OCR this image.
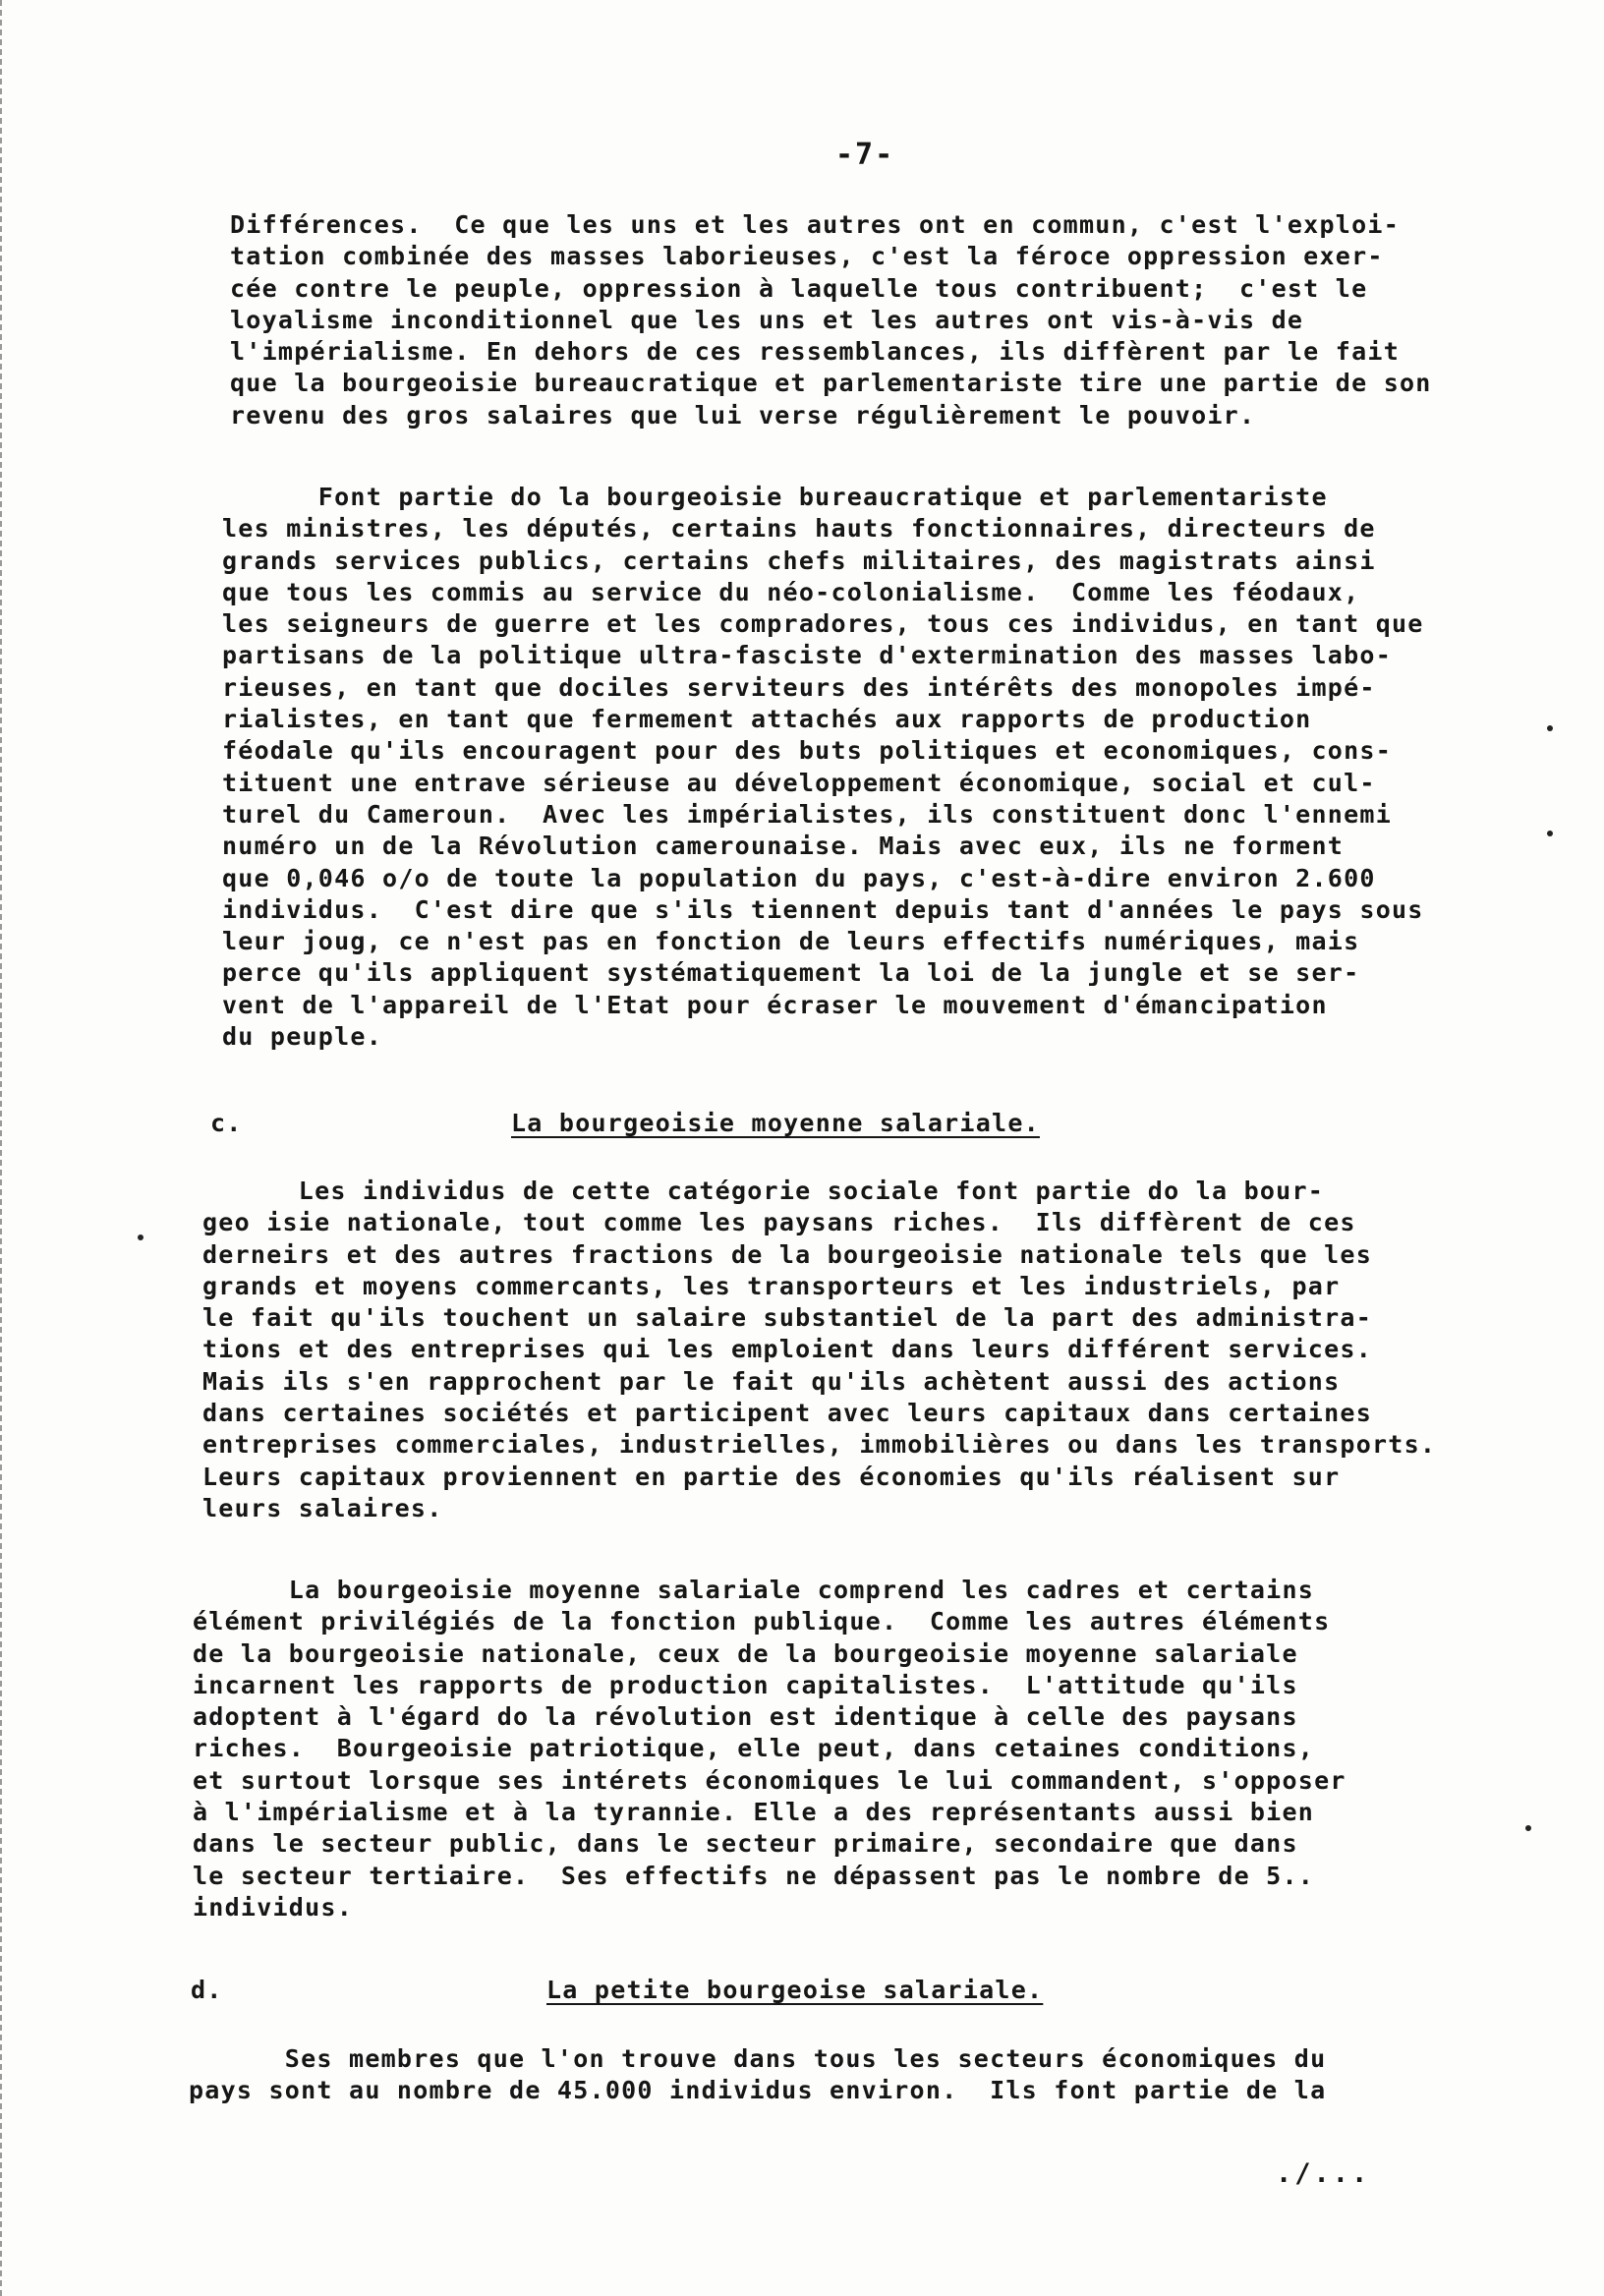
-7-
Différences.  Ce que les uns et les autres ont en commun, c'est l'exploi-
tation combinée des masses laborieuses, c'est la féroce oppression exer-
cée contre le peuple, oppression à laquelle tous contribuent;  c'est le
loyalisme inconditionnel que les uns et les autres ont vis-à-vis de
l'impérialisme. En dehors de ces ressemblances, ils diffèrent par le fait
que la bourgeoisie bureaucratique et parlementariste tire une partie de son
revenu des gros salaires que lui verse régulièrement le pouvoir.
Font partie do la bourgeoisie bureaucratique et parlementariste
les ministres, les députés, certains hauts fonctionnaires, directeurs de
grands services publics, certains chefs militaires, des magistrats ainsi
que tous les commis au service du néo-colonialisme.  Comme les féodaux,
les seigneurs de guerre et les compradores, tous ces individus, en tant que
partisans de la politique ultra-fasciste d'extermination des masses labo-
rieuses, en tant que dociles serviteurs des intérêts des monopoles impé-
rialistes, en tant que fermement attachés aux rapports de production
féodale qu'ils encouragent pour des buts politiques et economiques, cons-
tituent une entrave sérieuse au développement économique, social et cul-
turel du Cameroun.  Avec les impérialistes, ils constituent donc l'ennemi
numéro un de la Révolution camerounaise. Mais avec eux, ils ne forment
que 0,046 o/o de toute la population du pays, c'est-à-dire environ 2.600
individus.  C'est dire que s'ils tiennent depuis tant d'années le pays sous
leur joug, ce n'est pas en fonction de leurs effectifs numériques, mais
perce qu'ils appliquent systématiquement la loi de la jungle et se ser-
vent de l'appareil de l'Etat pour écraser le mouvement d'émancipation
du peuple.
c.	La bourgeoisie moyenne salariale.
Les individus de cette catégorie sociale font partie do la bour-
geo isie nationale, tout comme les paysans riches.  Ils diffèrent de ces
derneirs et des autres fractions de la bourgeoisie nationale tels que les
grands et moyens commercants, les transporteurs et les industriels, par
le fait qu'ils touchent un salaire substantiel de la part des administra-
tions et des entreprises qui les emploient dans leurs différent services.
Mais ils s'en rapprochent par le fait qu'ils achètent aussi des actions
dans certaines sociétés et participent avec leurs capitaux dans certaines
entreprises commerciales, industrielles, immobilières ou dans les transports.
Leurs capitaux proviennent en partie des économies qu'ils réalisent sur
leurs salaires.
La bourgeoisie moyenne salariale comprend les cadres et certains
élément privilégiés de la fonction publique.  Comme les autres éléments
de la bourgeoisie nationale, ceux de la bourgeoisie moyenne salariale
incarnent les rapports de production capitalistes.  L'attitude qu'ils
adoptent à l'égard do la révolution est identique à celle des paysans
riches.  Bourgeoisie patriotique, elle peut, dans cetaines conditions,
et surtout lorsque ses intérets économiques le lui commandent, s'opposer
à l'impérialisme et à la tyrannie. Elle a des représentants aussi bien
dans le secteur public, dans le secteur primaire, secondaire que dans
le secteur tertiaire.  Ses effectifs ne dépassent pas le nombre de 5..
individus.
d.	La petite bourgeoise salariale.
Ses membres que l'on trouve dans tous les secteurs économiques du
pays sont au nombre de 45.000 individus environ.  Ils font partie de la
./...
